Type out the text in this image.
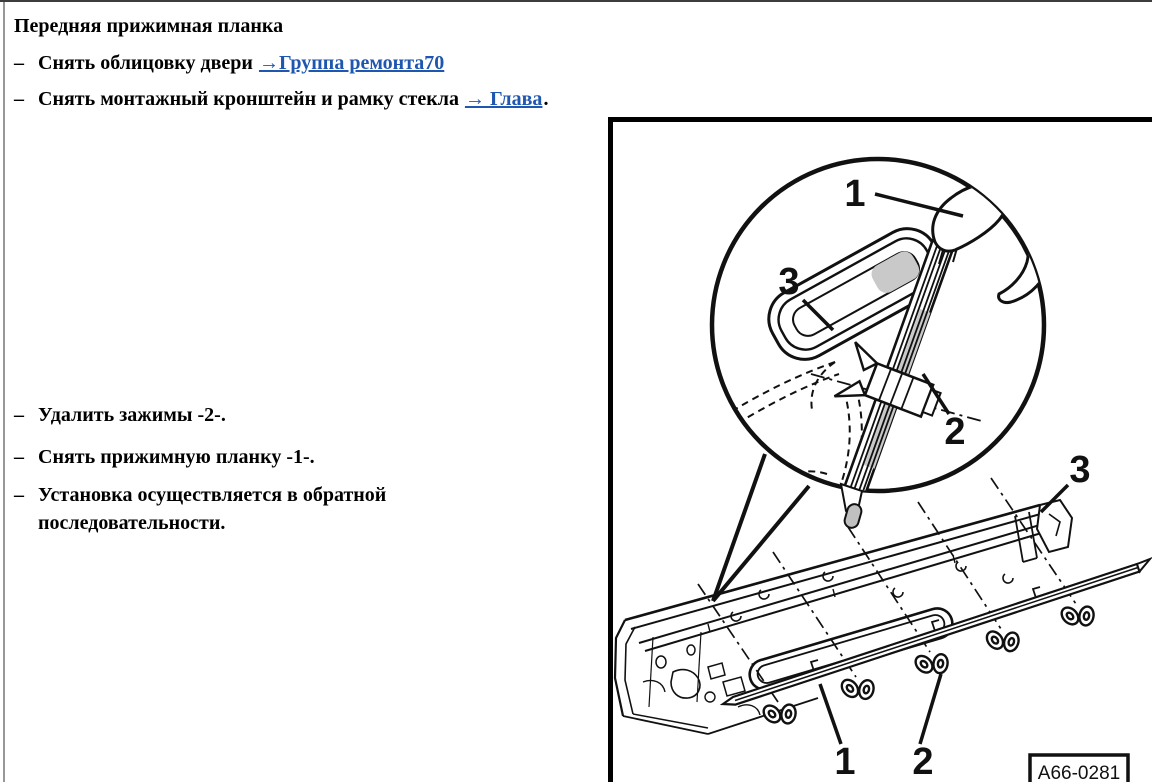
Передняя прижимная планка
– Снять облицовку двери →Группа ремонта70
– Снять монтажный кронштейн и рамку стекла → Глава.
– Удалить зажимы -2-.
– Снять прижимную планку -1-.
– Установка осуществляется в обратной
последовательности.
1
3
2
3
1 2	A66-0281
